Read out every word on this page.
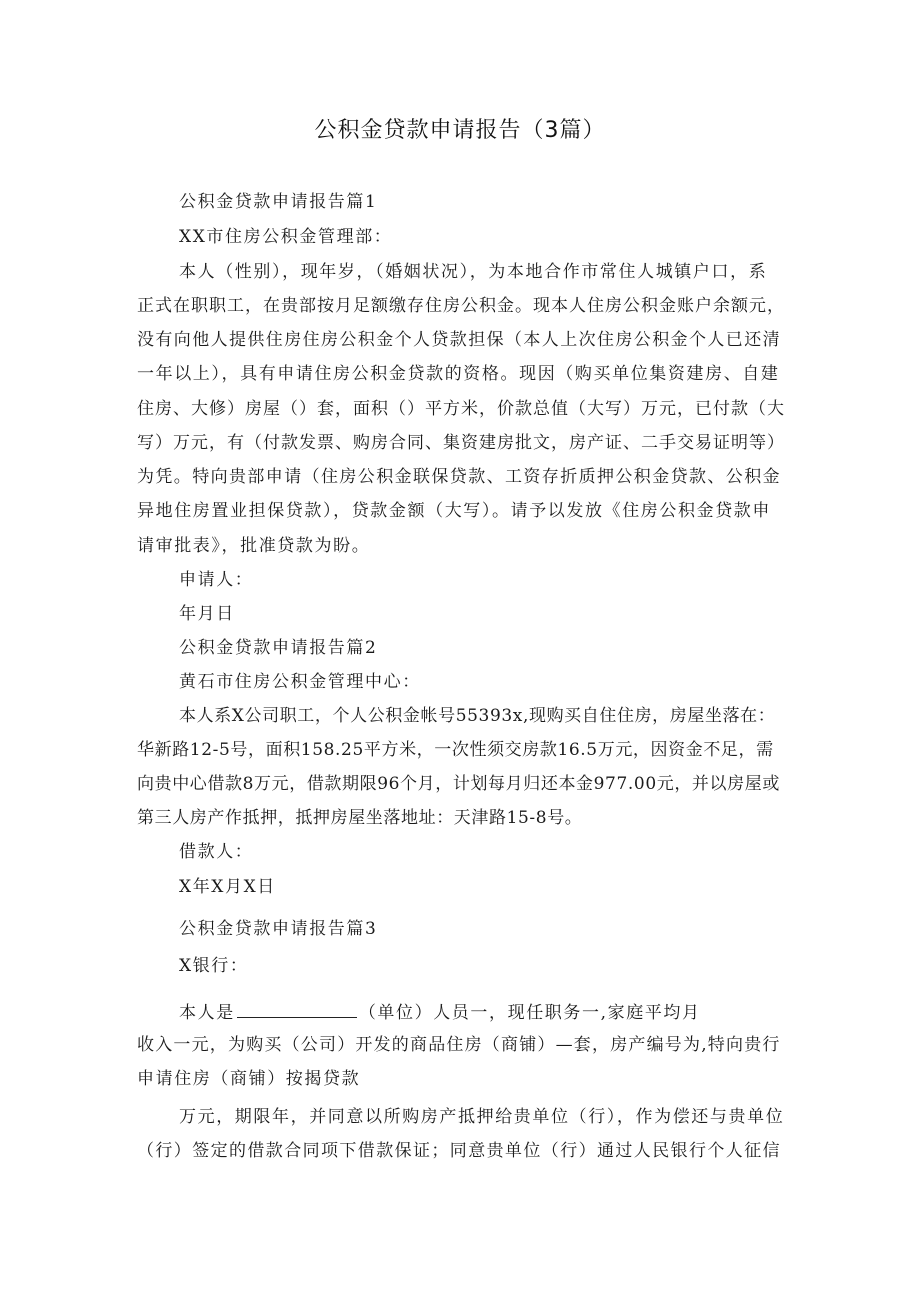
公积金贷款申请报告（3篇）
公积金贷款申请报告篇1
XX市住房公积金管理部：
本人（性别），现年岁，（婚姻状况），为本地合作市常住人城镇户口，系
正式在职职工，在贵部按月足额缴存住房公积金。现本人住房公积金账户余额元，
没有向他人提供住房住房公积金个人贷款担保（本人上次住房公积金个人已还清
一年以上），具有申请住房公积金贷款的资格。现因（购买单位集资建房、自建
住房、大修）房屋（）套，面积（）平方米，价款总值（大写）万元，已付款（大
写）万元，有（付款发票、购房合同、集资建房批文，房产证、二手交易证明等）
为凭。特向贵部申请（住房公积金联保贷款、工资存折质押公积金贷款、公积金
异地住房置业担保贷款），贷款金额（大写）。请予以发放《住房公积金贷款申
请审批表》，批准贷款为盼。
申请人：
年月日
公积金贷款申请报告篇2
黄石市住房公积金管理中心：
本人系X公司职工，个人公积金帐号55393x,现购买自住住房，房屋坐落在：
华新路12-5号，面积158.25平方米，一次性须交房款16.5万元，因资金不足，需
向贵中心借款8万元，借款期限96个月，计划每月归还本金977.00元，并以房屋或
第三人房产作抵押，抵押房屋坐落地址：天津路15-8号。
借款人：
X年X月X日
公积金贷款申请报告篇3
X银行：
本人是	（单位）人员一，现任职务一,家庭平均月
收入一元，为购买（公司）开发的商品住房（商铺）—套，房产编号为,特向贵行
申请住房（商铺）按揭贷款
万元，期限年，并同意以所购房产抵押给贵单位（行），作为偿还与贵单位
（行）签定的借款合同项下借款保证；同意贵单位（行）通过人民银行个人征信
